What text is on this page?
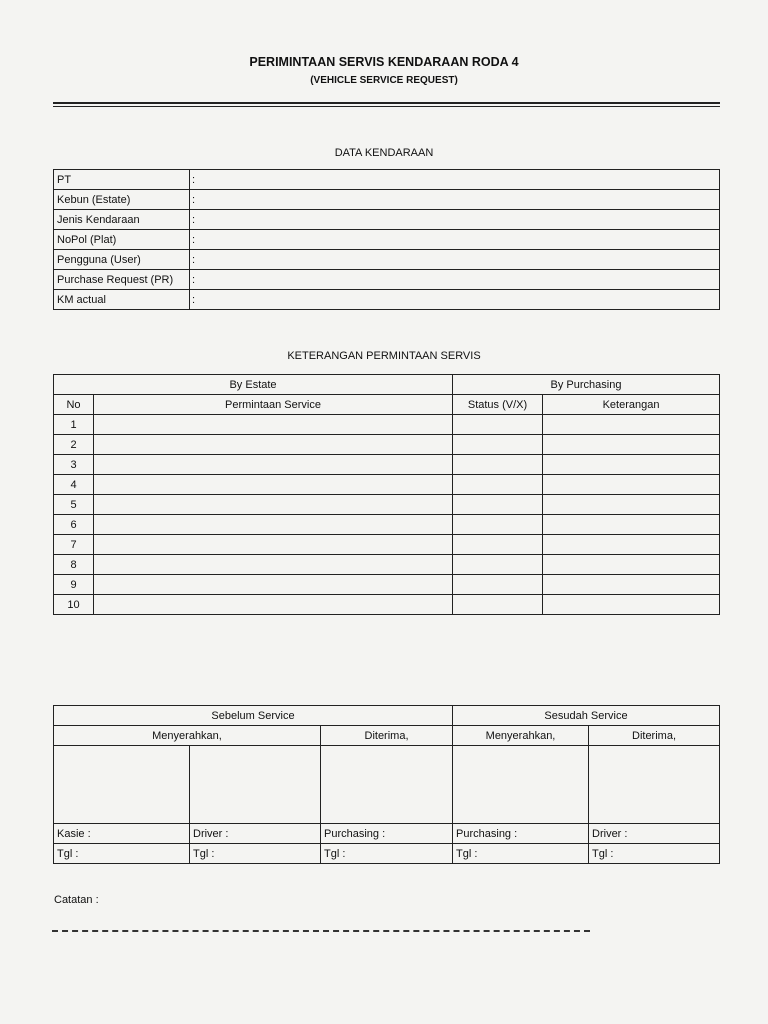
PERIMINTAAN SERVIS KENDARAAN RODA 4
(VEHICLE SERVICE REQUEST)
DATA KENDARAAN
PT	:
Kebun (Estate)	:
Jenis Kendaraan	:
NoPol (Plat)	:
Pengguna (User)	:
Purchase Request (PR)	:
KM actual	:
KETERANGAN PERMINTAAN SERVIS
By Estate		By Purchasing	
No	Permintaan Service	Status (V/X)	Keterangan
1			
2			
3			
4			
5			
6			
7			
8			
9			
10			
Sebelum Service			Sesudah Service	
Menyerahkan,		Diterima,	Menyerahkan,	Diterima,

Kasie :	Driver :	Purchasing :	Purchasing :	Driver :
Tgl :	Tgl :	Tgl :	Tgl :	Tgl :
Catatan :
